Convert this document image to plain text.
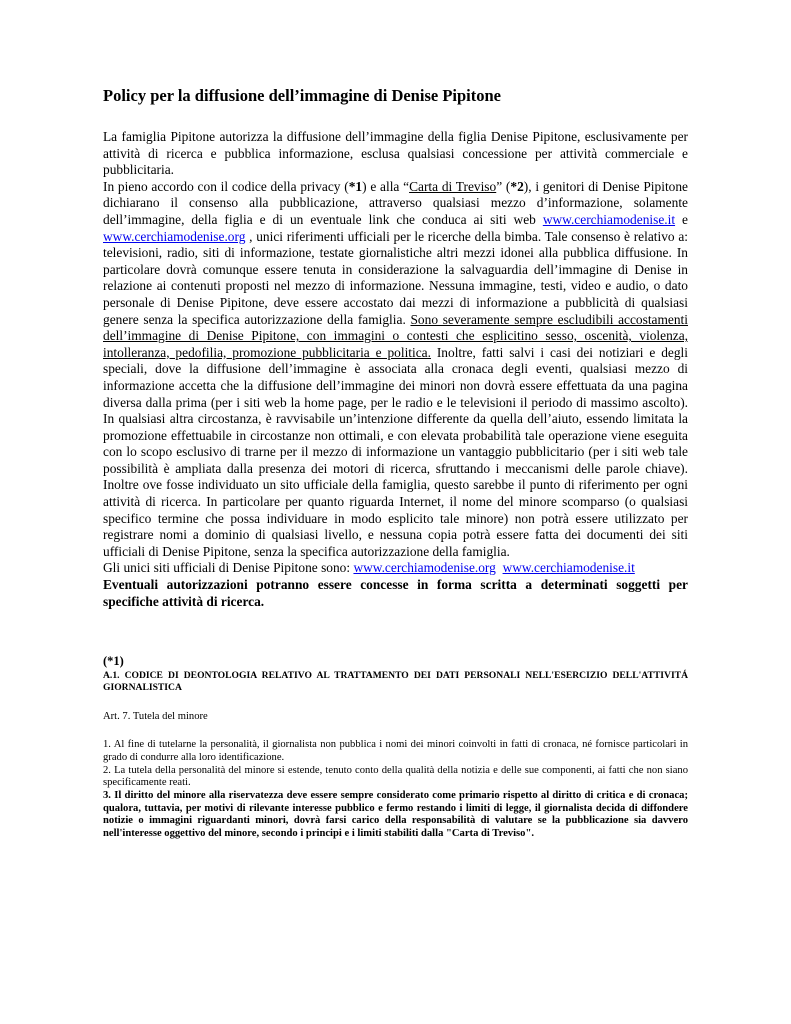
Policy per la diffusione dell’immagine di Denise Pipitone

La famiglia Pipitone autorizza la diffusione dell’immagine della figlia Denise Pipitone, esclusivamente per attività di ricerca e pubblica informazione, esclusa qualsiasi concessione per attività commerciale e pubblicitaria.

In pieno accordo con il codice della privacy (*1) e alla “Carta di Treviso” (*2), i genitori di Denise Pipitone dichiarano il consenso alla pubblicazione, attraverso qualsiasi mezzo d’informazione, solamente dell’immagine, della figlia e di un eventuale link che conduca ai siti web www.cerchiamodenise.it e www.cerchiamodenise.org , unici riferimenti ufficiali per le ricerche della bimba. Tale consenso è relativo a: televisioni, radio, siti di informazione, testate giornalistiche altri mezzi idonei alla pubblica diffusione. In particolare dovrà comunque essere tenuta in considerazione la salvaguardia dell’immagine di Denise in relazione ai contenuti proposti nel mezzo di informazione. Nessuna immagine, testi, video e audio, o dato personale di Denise Pipitone, deve essere accostato dai mezzi di informazione a pubblicità di qualsiasi genere senza la specifica autorizzazione della famiglia. Sono severamente sempre escludibili accostamenti dell’immagine di Denise Pipitone, con immagini o contesti che esplicitino sesso, oscenità, violenza, intolleranza, pedofilia, promozione pubblicitaria e politica. Inoltre, fatti salvi i casi dei notiziari e degli speciali, dove la diffusione dell’immagine è associata alla cronaca degli eventi, qualsiasi mezzo di informazione accetta che la diffusione dell’immagine dei minori non dovrà essere effettuata da una pagina diversa dalla prima (per i siti web la home page, per le radio e le televisioni il periodo di massimo ascolto). In qualsiasi altra circostanza, è ravvisabile un’intenzione differente da quella dell’aiuto, essendo limitata la promozione effettuabile in circostanze non ottimali, e con elevata probabilità tale operazione viene eseguita con lo scopo esclusivo di trarne per il mezzo di informazione un vantaggio pubblicitario (per i siti web tale possibilità è ampliata dalla presenza dei motori di ricerca, sfruttando i meccanismi delle parole chiave). Inoltre ove fosse individuato un sito ufficiale della famiglia, questo sarebbe il punto di riferimento per ogni attività di ricerca. In particolare per quanto riguarda Internet, il nome del minore scomparso (o qualsiasi specifico termine che possa individuare in modo esplicito tale minore) non potrà essere utilizzato per registrare nomi a dominio di qualsiasi livello, e nessuna copia potrà essere fatta dei documenti dei siti ufficiali di Denise Pipitone, senza la specifica autorizzazione della famiglia.

Gli unici siti ufficiali di Denise Pipitone sono: www.cerchiamodenise.org www.cerchiamodenise.it

Eventuali autorizzazioni potranno essere concesse in forma scritta a determinati soggetti per specifiche attività di ricerca.

(*1)
A.1. CODICE DI DEONTOLOGIA RELATIVO AL TRATTAMENTO DEI DATI PERSONALI NELL'ESERCIZIO DELL'ATTIVITÁ GIORNALISTICA
Art. 7. Tutela del minore

1. Al fine di tutelarne la personalità, il giornalista non pubblica i nomi dei minori coinvolti in fatti di cronaca, né fornisce particolari in grado di condurre alla loro identificazione.

2. La tutela della personalità del minore si estende, tenuto conto della qualità della notizia e delle sue componenti, ai fatti che non siano specificamente reati.

3. Il diritto del minore alla riservatezza deve essere sempre considerato come primario rispetto al diritto di critica e di cronaca; qualora, tuttavia, per motivi di rilevante interesse pubblico e fermo restando i limiti di legge, il giornalista decida di diffondere notizie o immagini riguardanti minori, dovrà farsi carico della responsabilità di valutare se la pubblicazione sia davvero nell'interesse oggettivo del minore, secondo i principi e i limiti stabiliti dalla "Carta di Treviso".
